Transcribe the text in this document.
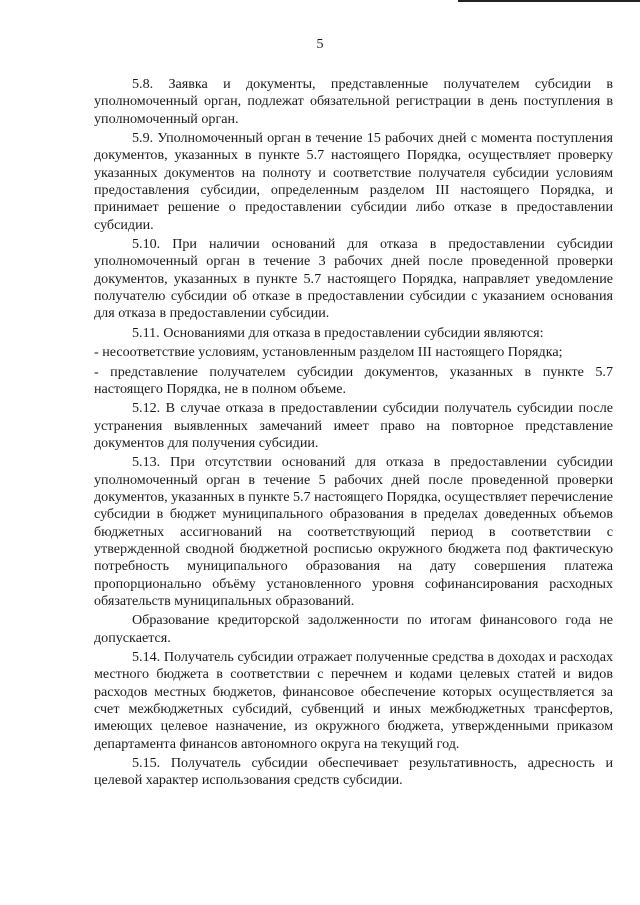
5

5.8. Заявка и документы, представленные получателем субсидии в уполномоченный орган, подлежат обязательной регистрации в день поступления в уполномоченный орган.

5.9. Уполномоченный орган в течение 15 рабочих дней с момента поступления документов, указанных в пункте 5.7 настоящего Порядка, осуществляет проверку указанных документов на полноту и соответствие получателя субсидии условиям предоставления субсидии, определенным разделом III настоящего Порядка, и принимает решение о предоставлении субсидии либо отказе в предоставлении субсидии.

5.10. При наличии оснований для отказа в предоставлении субсидии уполномоченный орган в течение 3 рабочих дней после проведенной проверки документов, указанных в пункте 5.7 настоящего Порядка, направляет уведомление получателю субсидии об отказе в предоставлении субсидии с указанием основания для отказа в предоставлении субсидии.

5.11. Основаниями для отказа в предоставлении субсидии являются:

- несоответствие условиям, установленным разделом III настоящего Порядка;

- представление получателем субсидии документов, указанных в пункте 5.7 настоящего Порядка, не в полном объеме.

5.12. В случае отказа в предоставлении субсидии получатель субсидии после устранения выявленных замечаний имеет право на повторное представление документов для получения субсидии.

5.13. При отсутствии оснований для отказа в предоставлении субсидии уполномоченный орган в течение 5 рабочих дней после проведенной проверки документов, указанных в пункте 5.7 настоящего Порядка, осуществляет перечисление субсидии в бюджет муниципального образования в пределах доведенных объемов бюджетных ассигнований на соответствующий период в соответствии с утвержденной сводной бюджетной росписью окружного бюджета под фактическую потребность муниципального образования на дату совершения платежа пропорционально объёму установленного уровня софинансирования расходных обязательств муниципальных образований.

Образование кредиторской задолженности по итогам финансового года не допускается.

5.14. Получатель субсидии отражает полученные средства в доходах и расходах местного бюджета в соответствии с перечнем и кодами целевых статей и видов расходов местных бюджетов, финансовое обеспечение которых осуществляется за счет межбюджетных субсидий, субвенций и иных межбюджетных трансфертов, имеющих целевое назначение, из окружного бюджета, утвержденными приказом департамента финансов автономного округа на текущий год.

5.15. Получатель субсидии обеспечивает результативность, адресность и целевой характер использования средств субсидии.
